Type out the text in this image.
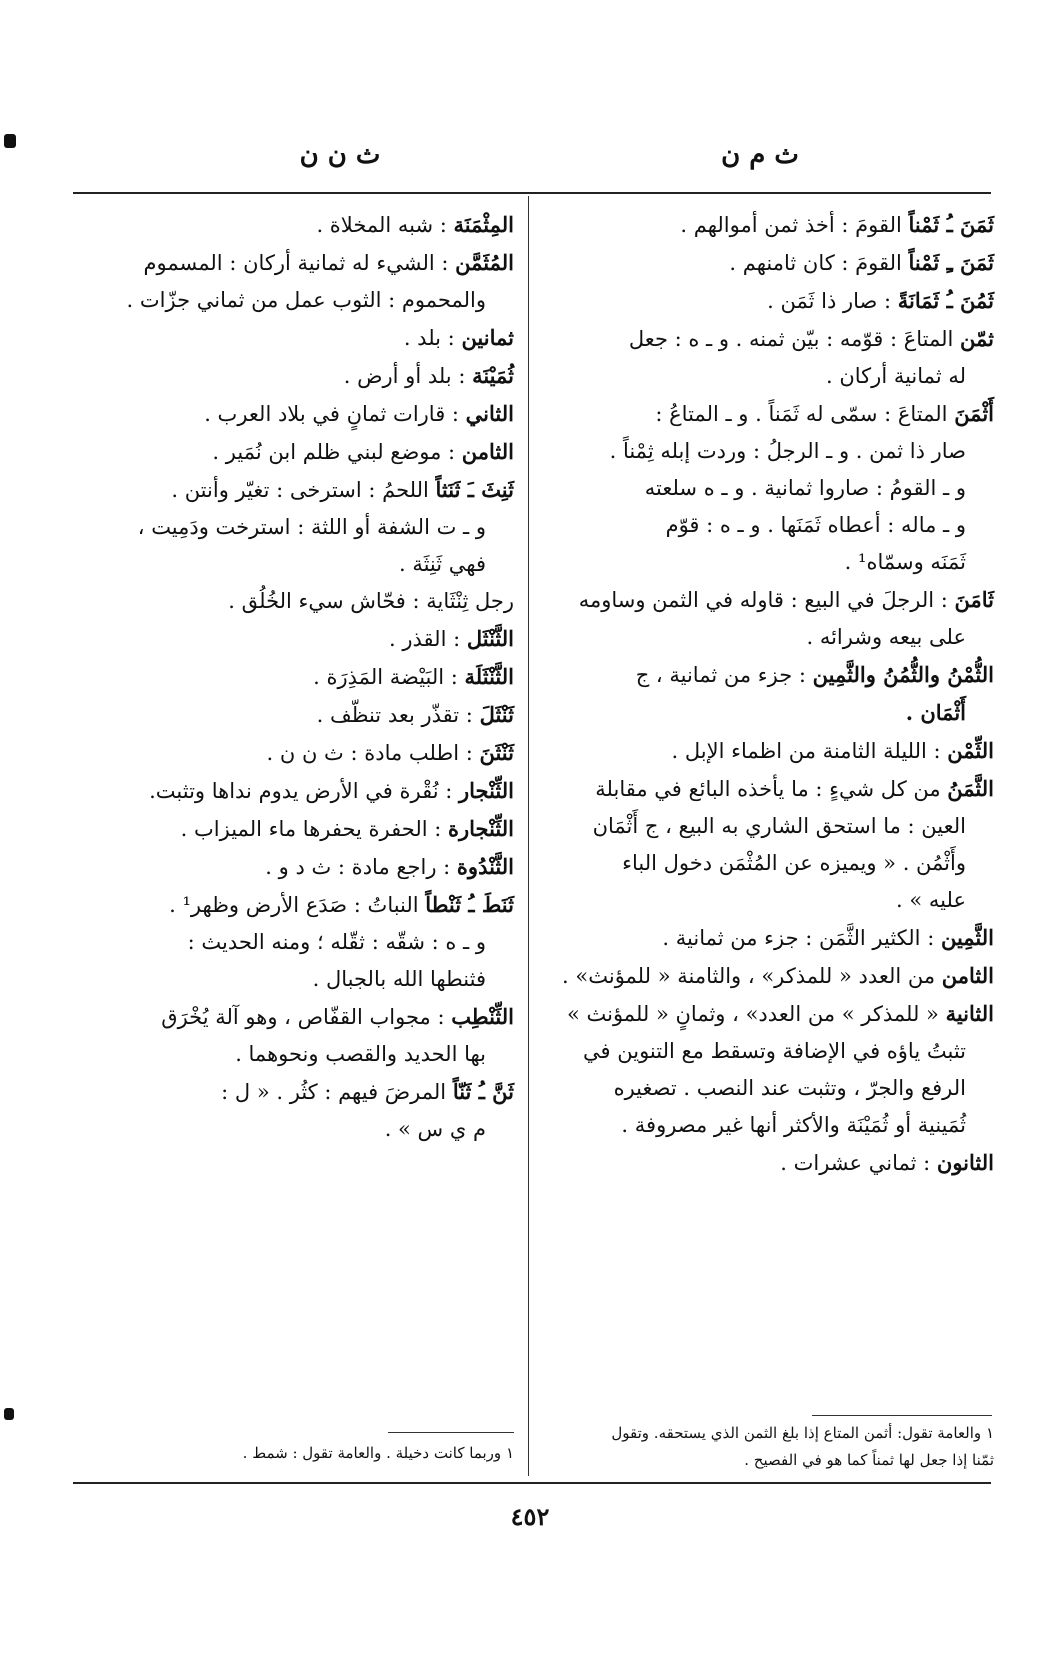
ث م ن
ث ن ن

ثَمَنَ ـُ ثَمْناً القومَ : أخذ ثمن أموالهم .

ثَمَنَ ـِ ثَمْناً القومَ : كان ثامنهم .

ثَمُنَ ـُ ثَمَانَةً : صار ذا ثَمَن .

ثمّن المتاعَ : قوّمه : بيّن ثمنه . و ـ ه : جعل

له ثمانية أركان .

أَثْمَنَ المتاعَ : سمّى له ثَمَناً . و ـ المتاعُ :

صار ذا ثمن . و ـ الرجلُ : وردت إبله ثِمْناً .

و ـ القومُ : صاروا ثمانية . و ـ ه سلعته

و ـ ماله : أعطاه ثَمَنَها . و ـ ه : قوّم

ثَمَنَه وسمّاه¹ .

ثَامَنَ : الرجلَ في البيع : قاوله في الثمن وساومه

على بيعه وشرائه .

الثُّمْنُ والثُّمُنُ والثَّمِين : جزء من ثمانية ، ج

أَثْمَان .

الثِّمْن : الليلة الثامنة من اظماء الإبل .

الثَّمَنُ من كل شيءٍ : ما يأخذه البائع في مقابلة

العين : ما استحق الشاري به البيع ، ج أَثْمَان

وأَثْمُن . « ويميزه عن المُثْمَن دخول الباء

عليه » .

الثَّمِين : الكثير الثَّمَن : جزء من ثمانية .

الثامن من العدد « للمذكر» ، والثامنة « للمؤنث» .

الثانية « للمذكر » من العدد» ، وثمانٍ « للمؤنث »

تثبتُ ياؤه في الإضافة وتسقط مع التنوين في

الرفع والجرّ ، وتثبت عند النصب . تصغيره

ثُمَينية أو ثُمَيْنَة والأكثر أنها غير مصروفة .

الثانون : ثماني عشرات .

المِثْمَنَة : شبه المخلاة .

المُثَمَّن : الشيء له ثمانية أركان : المسموم

والمحموم : الثوب عمل من ثماني جزّات .

ثمانين : بلد .

ثُمَيْنَة : بلد أو أرض .

الثاني : قارات ثمانٍ في بلاد العرب .

الثامن : موضع لبني ظلم ابن نُمَير .

ثَنِثَ ـَ ثَنَثاً اللحمُ : استرخى : تغيّر وأنتن .

و ـ ت الشفة أو اللثة : استرخت ودَمِيت ،

فهي ثَنِثَة .

رجل ثِنْثَاية : فحّاش سيء الخُلُق .

الثَّنْثَل : القذر .

الثَّنْثَلَة : البَيْضة المَذِرَة .

ثَنْثَلَ : تقذّر بعد تنظّف .

ثَنْثَنَ : اطلب مادة : ث ن ن .

الثِّنْجار : نُقْرة في الأرض يدوم نداها وتثبت.

الثِّنْجارة : الحفرة يحفرها ماء الميزاب .

الثَّنْدُوة : راجع مادة : ث د و .

ثَنَطَ ـُ ثَنْطاً النباتُ : صَدَع الأرض وظهر¹ .

و ـ ه : شقّه : ثقّله ؛ ومنه الحديث :

فثنطها الله بالجبال .

الثِّنْطِب : مجواب القفّاص ، وهو آلة يُخْرَق

بها الحديد والقصب ونحوهما .

ثَنَّ ـُ ثَنّاً المرضَ فيهم : كثُر . « ل :

م ي س » .

١ والعامة تقول: أثمن المتاع إذا بلغ الثمن الذي يستحقه. وتقول
ثمّنا إذا جعل لها ثمناً كما هو في الفصيح .
١ وربما كانت دخيلة . والعامة تقول : شمط .
٤٥٢
